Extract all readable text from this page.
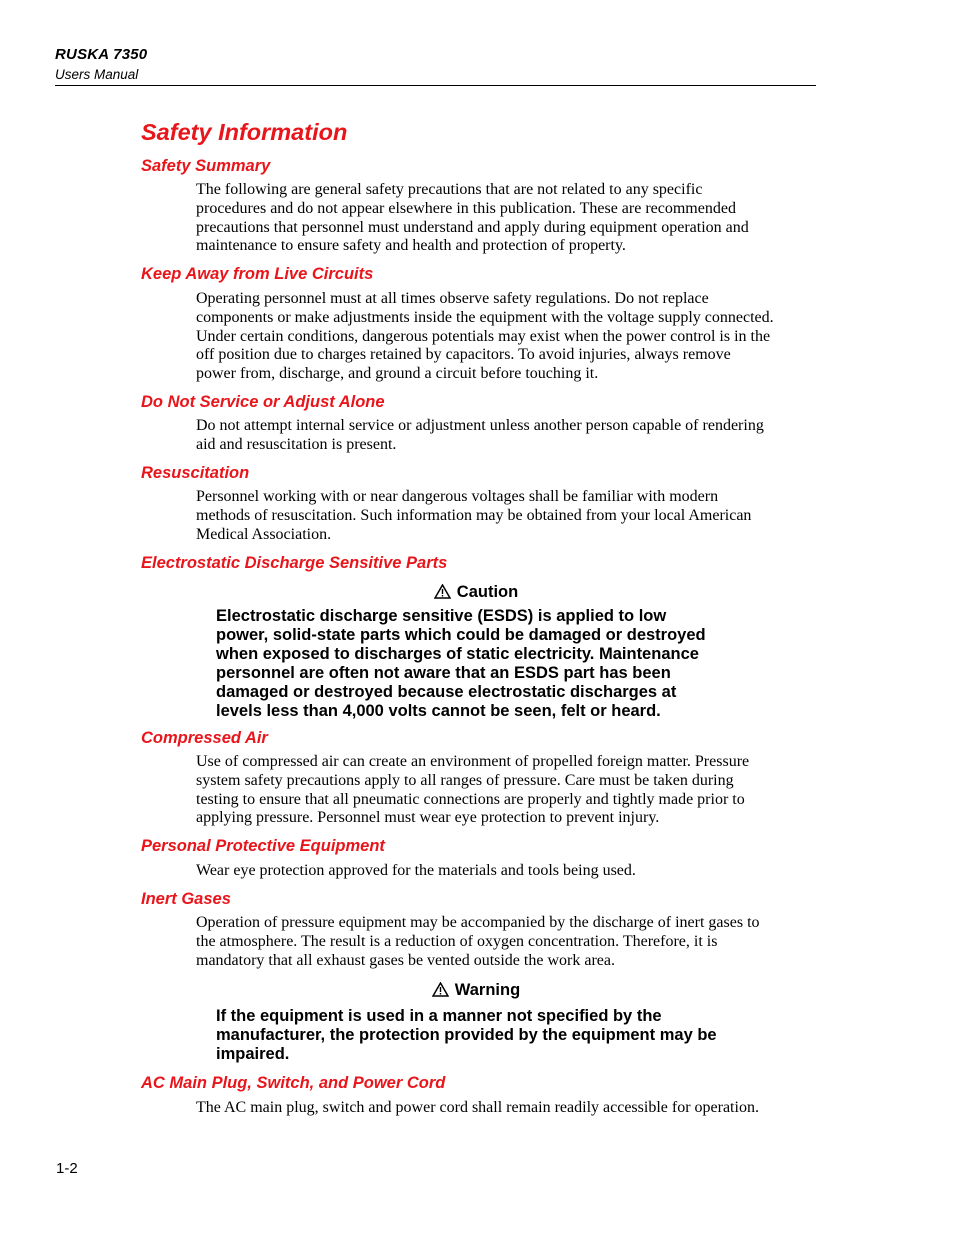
RUSKA 7350
Users Manual
Safety Information
Safety Summary
The following are general safety precautions that are not related to any specific
procedures and do not appear elsewhere in this publication. These are recommended
precautions that personnel must understand and apply during equipment operation and
maintenance to ensure safety and health and protection of property.
Keep Away from Live Circuits
Operating personnel must at all times observe safety regulations. Do not replace
components or make adjustments inside the equipment with the voltage supply connected.
Under certain conditions, dangerous potentials may exist when the power control is in the
off position due to charges retained by capacitors. To avoid injuries, always remove
power from, discharge, and ground a circuit before touching it.
Do Not Service or Adjust Alone
Do not attempt internal service or adjustment unless another person capable of rendering
aid and resuscitation is present.
Resuscitation
Personnel working with or near dangerous voltages shall be familiar with modern
methods of resuscitation. Such information may be obtained from your local American
Medical Association.
Electrostatic Discharge Sensitive Parts
Caution
Electrostatic discharge sensitive (ESDS) is applied to low
power, solid-state parts which could be damaged or destroyed
when exposed to discharges of static electricity. Maintenance
personnel are often not aware that an ESDS part has been
damaged or destroyed because electrostatic discharges at
levels less than 4,000 volts cannot be seen, felt or heard.
Compressed Air
Use of compressed air can create an environment of propelled foreign matter. Pressure
system safety precautions apply to all ranges of pressure. Care must be taken during
testing to ensure that all pneumatic connections are properly and tightly made prior to
applying pressure. Personnel must wear eye protection to prevent injury.
Personal Protective Equipment
Wear eye protection approved for the materials and tools being used.
Inert Gases
Operation of pressure equipment may be accompanied by the discharge of inert gases to
the atmosphere. The result is a reduction of oxygen concentration. Therefore, it is
mandatory that all exhaust gases be vented outside the work area.
Warning
If the equipment is used in a manner not specified by the
manufacturer, the protection provided by the equipment may be
impaired.
AC Main Plug, Switch, and Power Cord
The AC main plug, switch and power cord shall remain readily accessible for operation.
1-2
